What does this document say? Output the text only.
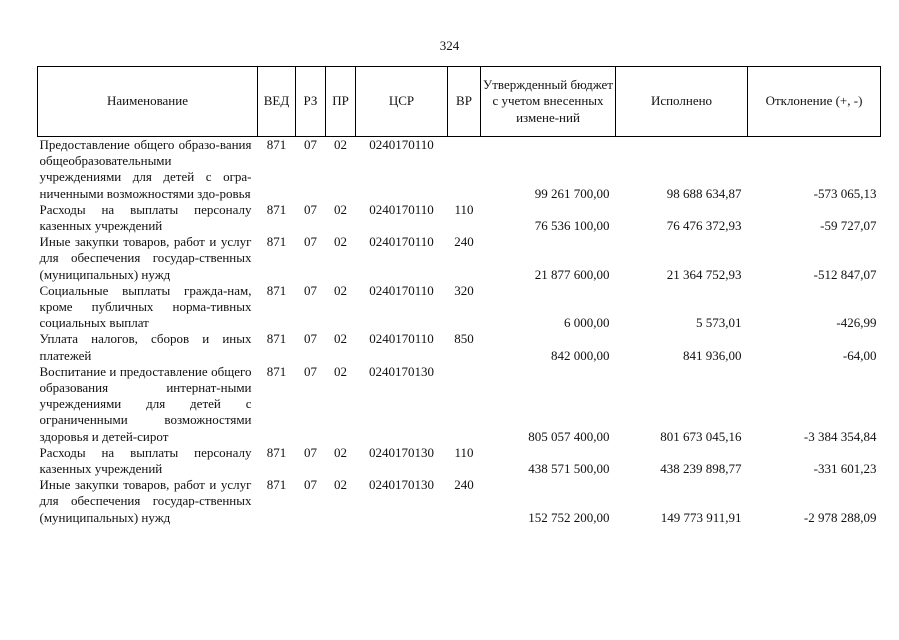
324
Наименование	ВЕД	РЗ	ПР	ЦСР	ВР	Утвержденный бюджет с учетом внесенных измене-ний	Исполнено	Отклонение (+, -)
Предоставление общего образо-вания общеобразовательными учреждениями для детей с огра-ниченными возможностями здо-ровья	871	07	02	0240170110		99 261 700,00	98 688 634,87	-573 065,13
Расходы на выплаты персоналу казенных учреждений	871	07	02	0240170110	110	76 536 100,00	76 476 372,93	-59 727,07
Иные закупки товаров, работ и услуг для обеспечения государ-ственных (муниципальных) нужд	871	07	02	0240170110	240	21 877 600,00	21 364 752,93	-512 847,07
Социальные выплаты гражда-нам, кроме публичных норма-тивных социальных выплат	871	07	02	0240170110	320	6 000,00	5 573,01	-426,99
Уплата налогов, сборов и иных платежей	871	07	02	0240170110	850	842 000,00	841 936,00	-64,00
Воспитание и предоставление общего образования интернат-ными учреждениями для детей с ограниченными возможностями здоровья и детей-сирот	871	07	02	0240170130		805 057 400,00	801 673 045,16	-3 384 354,84
Расходы на выплаты персоналу казенных учреждений	871	07	02	0240170130	110	438 571 500,00	438 239 898,77	-331 601,23
Иные закупки товаров, работ и услуг для обеспечения государ-ственных (муниципальных) нужд	871	07	02	0240170130	240	152 752 200,00	149 773 911,91	-2 978 288,09
